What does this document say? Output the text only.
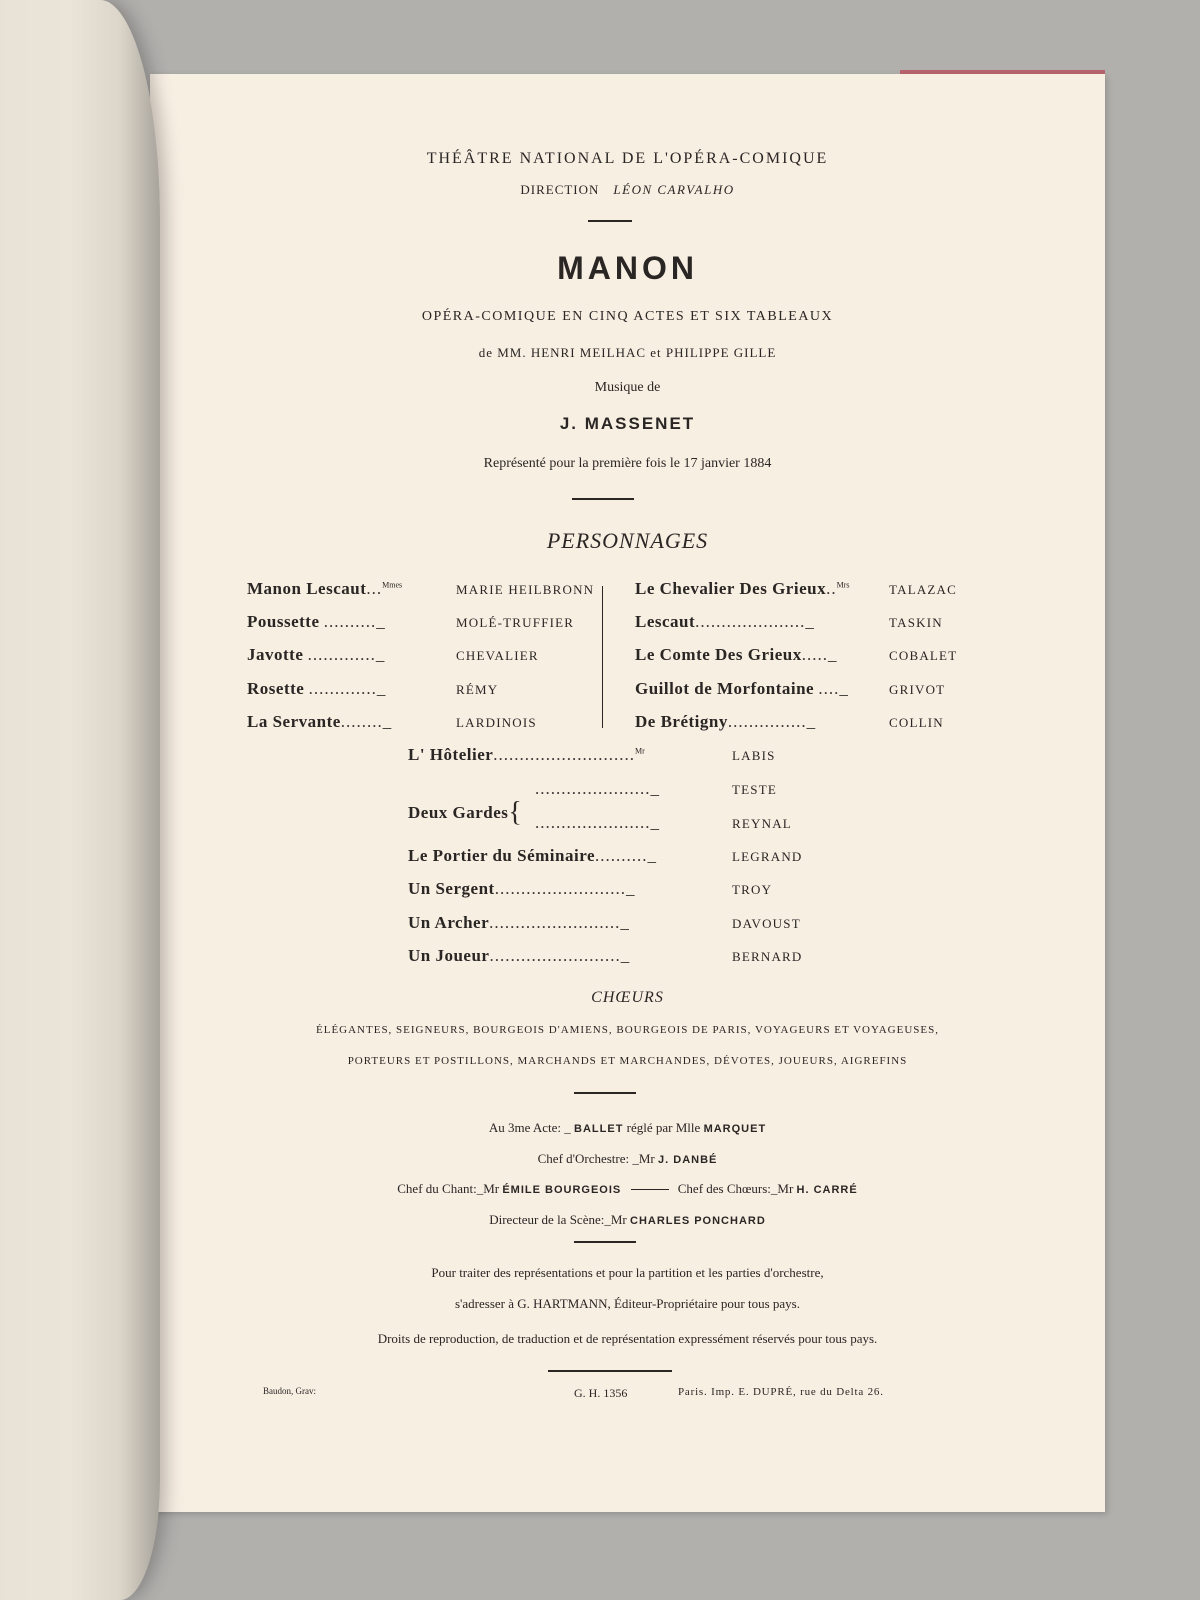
THÉÂTRE NATIONAL DE L'OPÉRA-COMIQUE
DIRECTION LÉON CARVALHO
MANON
OPÉRA-COMIQUE EN CINQ ACTES ET SIX TABLEAUX
de MM. HENRI MEILHAC et PHILIPPE GILLE
Musique de
J. MASSENET
Représenté pour la première fois le 17 janvier 1884
PERSONNAGES
Manon Lescaut...$^{Mmes}$	MARIE HEILBRONN
Poussette .........._	MOLÉ-TRUFFIER
Javotte ............._	CHEVALIER
Rosette ............._	RÉMY
La Servante........_	LARDINOIS
Le Chevalier Des Grieux..$^{Mrs}$	TALAZAC
Lescaut....................._	TASKIN
Le Comte Des Grieux....._	COBALET
Guillot de Morfontaine ...._	GRIVOT
De Brétigny..............._	COLLIN
L' Hôtelier...........................$^{Mr}$	LABIS
Deux Gardes{
......................_	TESTE
......................_	REYNAL
Le Portier du Séminaire.........._	LEGRAND
Un Sergent........................._	TROY
Un Archer........................._	DAVOUST
Un Joueur........................._	BERNARD
CHŒURS
ÉLÉGANTES, SEIGNEURS, BOURGEOIS D'AMIENS, BOURGEOIS DE PARIS, VOYAGEURS ET VOYAGEUSES,
PORTEURS ET POSTILLONS, MARCHANDS ET MARCHANDES, DÉVOTES, JOUEURS, AIGREFINS
Au 3me Acte: _ BALLET réglé par Mlle MARQUET
Chef d'Orchestre: _Mr J. DANBÉ
Chef du Chant:_Mr ÉMILE BOURGEOIS	Chef des Chœurs:_Mr H. CARRÉ
Directeur de la Scène:_Mr CHARLES PONCHARD
Pour traiter des représentations et pour la partition et les parties d'orchestre,
s'adresser à G. HARTMANN, Éditeur-Propriétaire pour tous pays.
Droits de reproduction, de traduction et de représentation expressément réservés pour tous pays.
Baudon, Grav:	G. H. 1356	Paris. Imp. E. DUPRÉ, rue du Delta 26.
